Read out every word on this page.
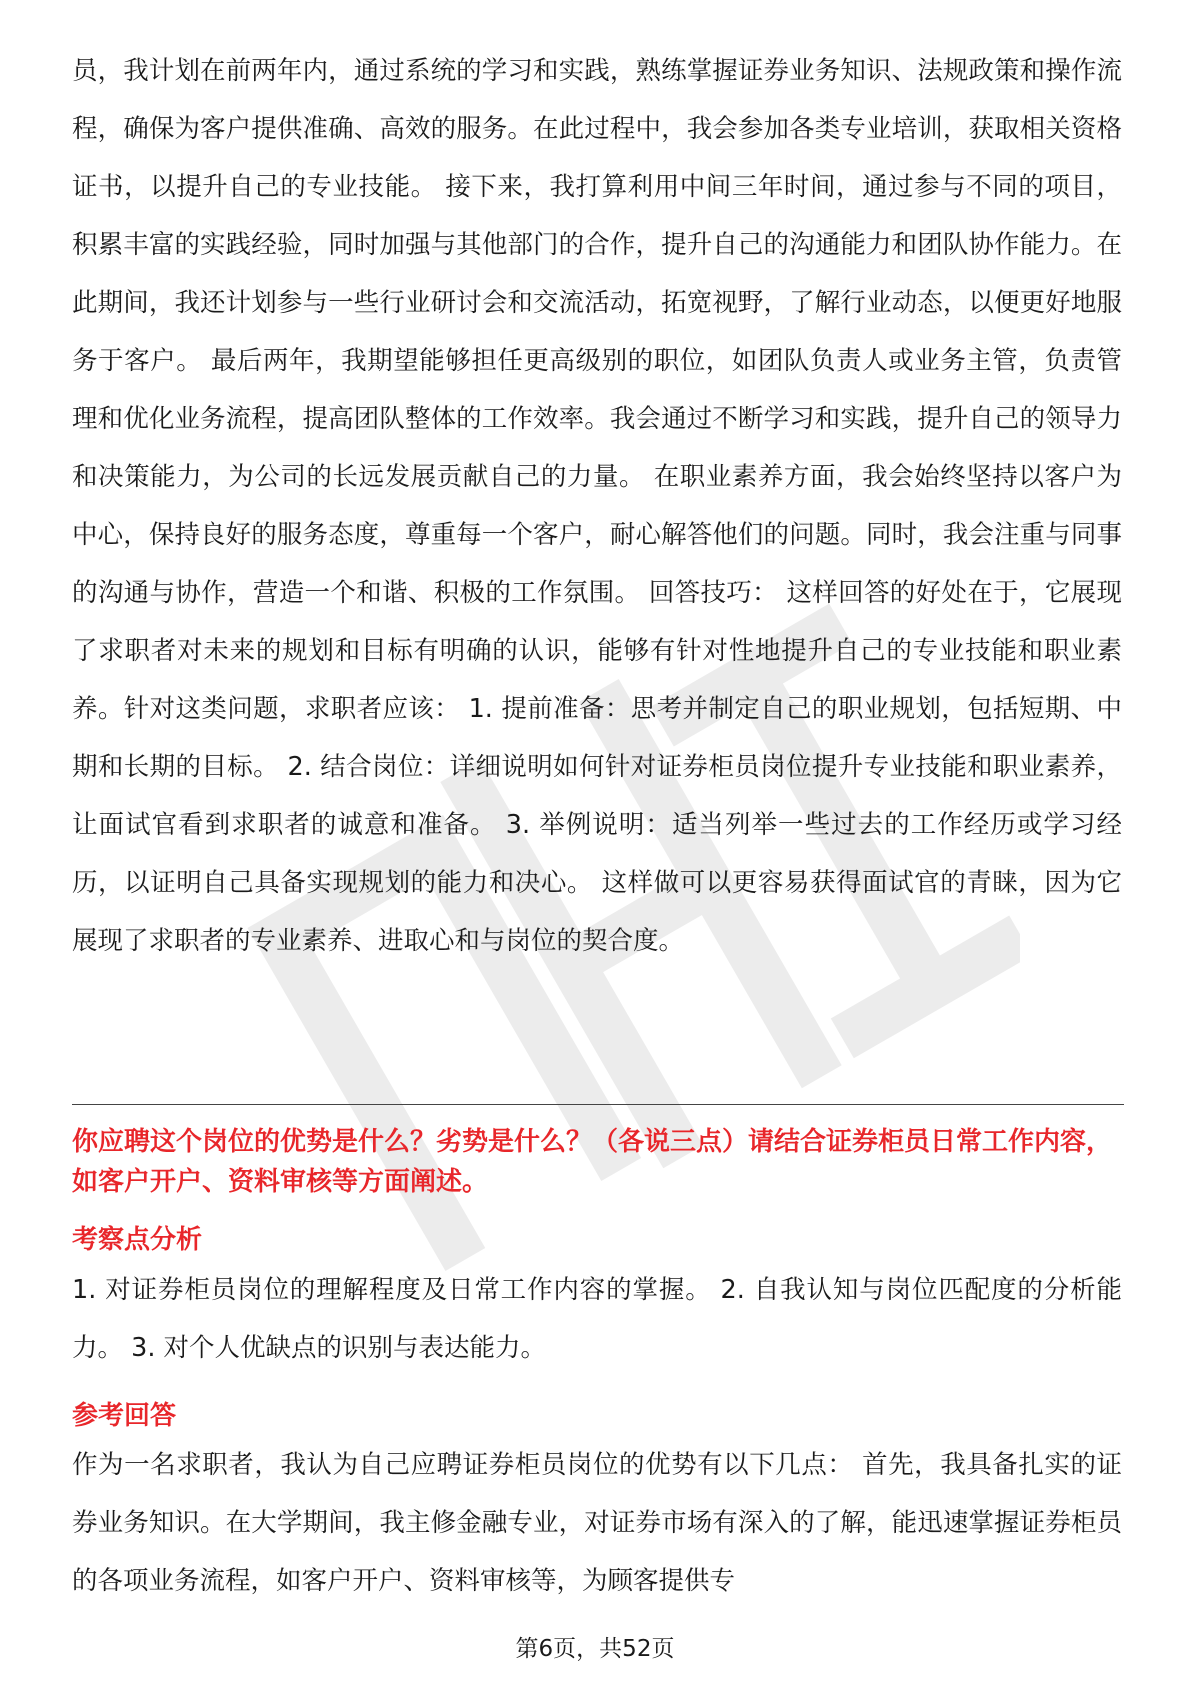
员，我计划在前两年内，通过系统的学习和实践，熟练掌握证券业务知识、法规政策和操作流程，确保为客户提供准确、高效的服务。在此过程中，我会参加各类专业培训，获取相关资格证书，以提升自己的专业技能。 接下来，我打算利用中间三年时间，通过参与不同的项目，积累丰富的实践经验，同时加强与其他部门的合作，提升自己的沟通能力和团队协作能力。在此期间，我还计划参与一些行业研讨会和交流活动，拓宽视野，了解行业动态，以便更好地服务于客户。 最后两年，我期望能够担任更高级别的职位，如团队负责人或业务主管，负责管理和优化业务流程，提高团队整体的工作效率。我会通过不断学习和实践，提升自己的领导力和决策能力，为公司的长远发展贡献自己的力量。 在职业素养方面，我会始终坚持以客户为中心，保持良好的服务态度，尊重每一个客户，耐心解答他们的问题。同时，我会注重与同事的沟通与协作，营造一个和谐、积极的工作氛围。 回答技巧： 这样回答的好处在于，它展现了求职者对未来的规划和目标有明确的认识，能够有针对性地提升自己的专业技能和职业素养。针对这类问题，求职者应该： 1. 提前准备：思考并制定自己的职业规划，包括短期、中期和长期的目标。 2. 结合岗位：详细说明如何针对证券柜员岗位提升专业技能和职业素养，让面试官看到求职者的诚意和准备。 3. 举例说明：适当列举一些过去的工作经历或学习经历，以证明自己具备实现规划的能力和决心。 这样做可以更容易获得面试官的青睐，因为它展现了求职者的专业素养、进取心和与岗位的契合度。

你应聘这个岗位的优势是什么？劣势是什么？（各说三点）请结合证券柜员日常工作内容，如客户开户、资料审核等方面阐述。

考察点分析

1. 对证券柜员岗位的理解程度及日常工作内容的掌握。 2. 自我认知与岗位匹配度的分析能力。 3. 对个人优缺点的识别与表达能力。

参考回答

作为一名求职者，我认为自己应聘证券柜员岗位的优势有以下几点： 首先，我具备扎实的证券业务知识。在大学期间，我主修金融专业，对证券市场有深入的了解，能迅速掌握证券柜员的各项业务流程，如客户开户、资料审核等，为顾客提供专

第6页，共52页
